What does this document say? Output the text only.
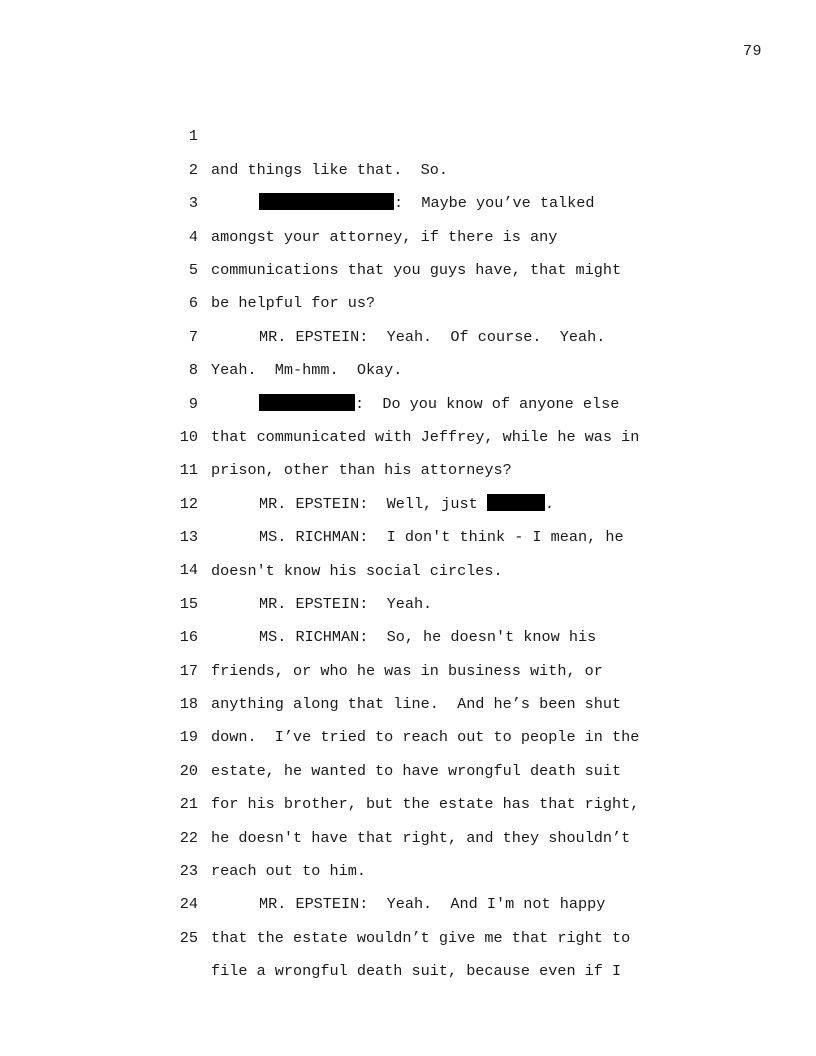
79

1

and things like that.  So.

2

:  Maybe you’ve talked

3

amongst your attorney, if there is any

4

communications that you guys have, that might

5

be helpful for us?

6

MR. EPSTEIN:  Yeah.  Of course.  Yeah.

7

Yeah.  Mm-hmm.  Okay.

8

:  Do you know of anyone else

9

that communicated with Jeffrey, while he was in

10

prison, other than his attorneys?

11

MR. EPSTEIN:  Well, just	.

12

MS. RICHMAN:  I don't think - I mean, he

13

doesn't know his social circles.

14

MR. EPSTEIN:  Yeah.

15

MS. RICHMAN:  So, he doesn't know his

16

friends, or who he was in business with, or

17

anything along that line.  And he’s been shut

18

down.  I’ve tried to reach out to people in the

19

estate, he wanted to have wrongful death suit

20

for his brother, but the estate has that right,

21

he doesn't have that right, and they shouldn’t

22

reach out to him.

23

MR. EPSTEIN:  Yeah.  And I'm not happy

24

that the estate wouldn’t give me that right to

25

file a wrongful death suit, because even if I
